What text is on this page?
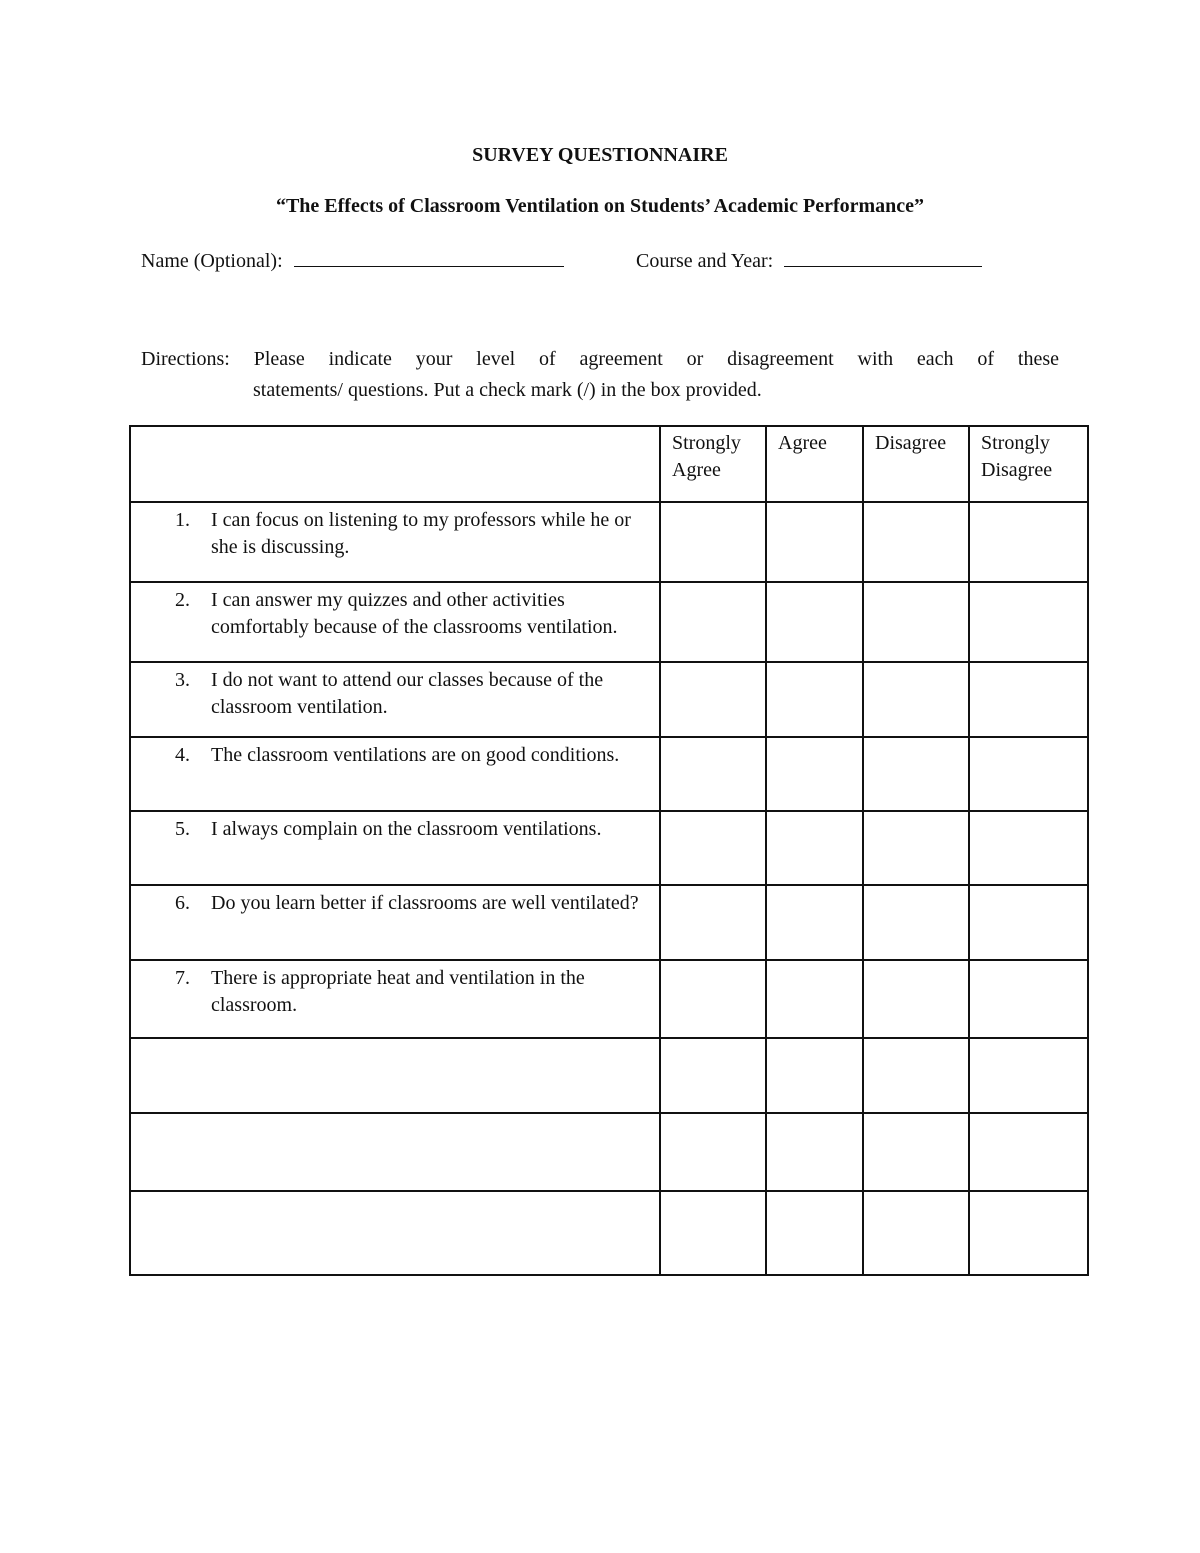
SURVEY QUESTIONNAIRE
“The Effects of Classroom Ventilation on Students’ Academic Performance”
Name (Optional):	Course and Year:
Directions: Please indicate your level of agreement or disagreement with each of these
statements/ questions. Put a check mark (/) in the box provided.
	Strongly Agree	Agree	Disagree	Strongly Disagree

1. I can focus on listening to my professors while he or she is discussing.				

2. I can answer my quizzes and other activities comfortably because of the classrooms ventilation.				

3. I do not want to attend our classes because of the classroom ventilation.				

4. The classroom ventilations are on good conditions.				

5. I always complain on the classroom ventilations.				

6. Do you learn better if classrooms are well ventilated?				

7. There is appropriate heat and ventilation in the classroom.				
